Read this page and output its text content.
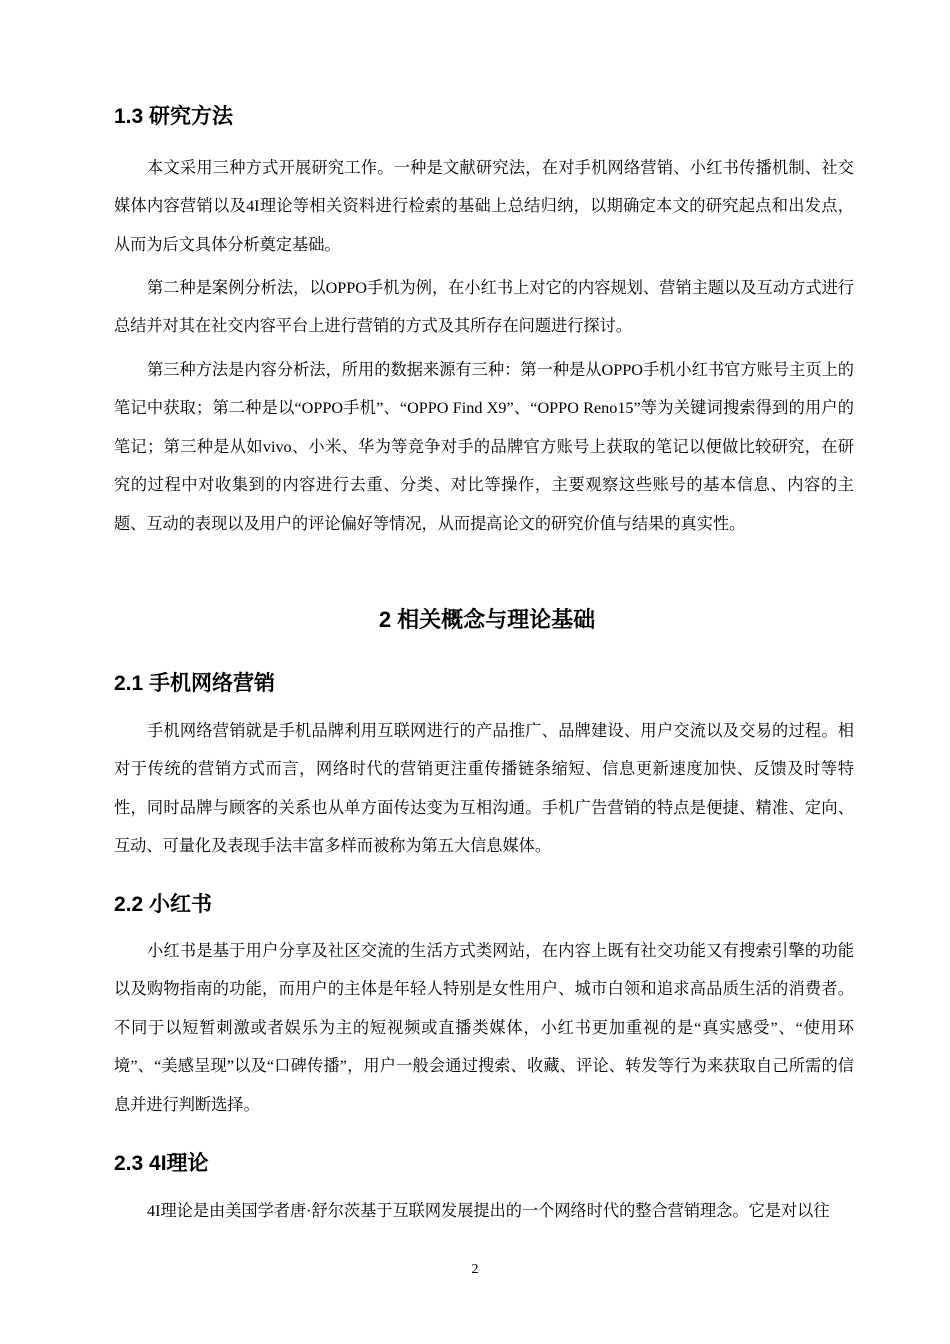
1.3 研究方法

本文采用三种方式开展研究工作。一种是文献研究法，在对手机网络营销、小红书传播机制、社交媒体内容营销以及4I理论等相关资料进行检索的基础上总结归纳，以期确定本文的研究起点和出发点，从而为后文具体分析奠定基础。

第二种是案例分析法，以OPPO手机为例，在小红书上对它的内容规划、营销主题以及互动方式进行总结并对其在社交内容平台上进行营销的方式及其所存在问题进行探讨。

第三种方法是内容分析法，所用的数据来源有三种：第一种是从OPPO手机小红书官方账号主页上的笔记中获取；第二种是以“OPPO手机”、“OPPO Find X9”、“OPPO Reno15”等为关键词搜索得到的用户的笔记；第三种是从如vivo、小米、华为等竞争对手的品牌官方账号上获取的笔记以便做比较研究，在研究的过程中对收集到的内容进行去重、分类、对比等操作，主要观察这些账号的基本信息、内容的主题、互动的表现以及用户的评论偏好等情况，从而提高论文的研究价值与结果的真实性。

2 相关概念与理论基础
2.1 手机网络营销

手机网络营销就是手机品牌利用互联网进行的产品推广、品牌建设、用户交流以及交易的过程。相对于传统的营销方式而言，网络时代的营销更注重传播链条缩短、信息更新速度加快、反馈及时等特性，同时品牌与顾客的关系也从单方面传达变为互相沟通。手机广告营销的特点是便捷、精准、定向、互动、可量化及表现手法丰富多样而被称为第五大信息媒体。

2.2 小红书

小红书是基于用户分享及社区交流的生活方式类网站，在内容上既有社交功能又有搜索引擎的功能以及购物指南的功能，而用户的主体是年轻人特别是女性用户、城市白领和追求高品质生活的消费者。不同于以短暂刺激或者娱乐为主的短视频或直播类媒体，小红书更加重视的是“真实感受”、“使用环境”、“美感呈现”以及“口碑传播”，用户一般会通过搜索、收藏、评论、转发等行为来获取自己所需的信息并进行判断选择。

2.3 4I理论

4I理论是由美国学者唐·舒尔茨基于互联网发展提出的一个网络时代的整合营销理念。它是对以往

2
